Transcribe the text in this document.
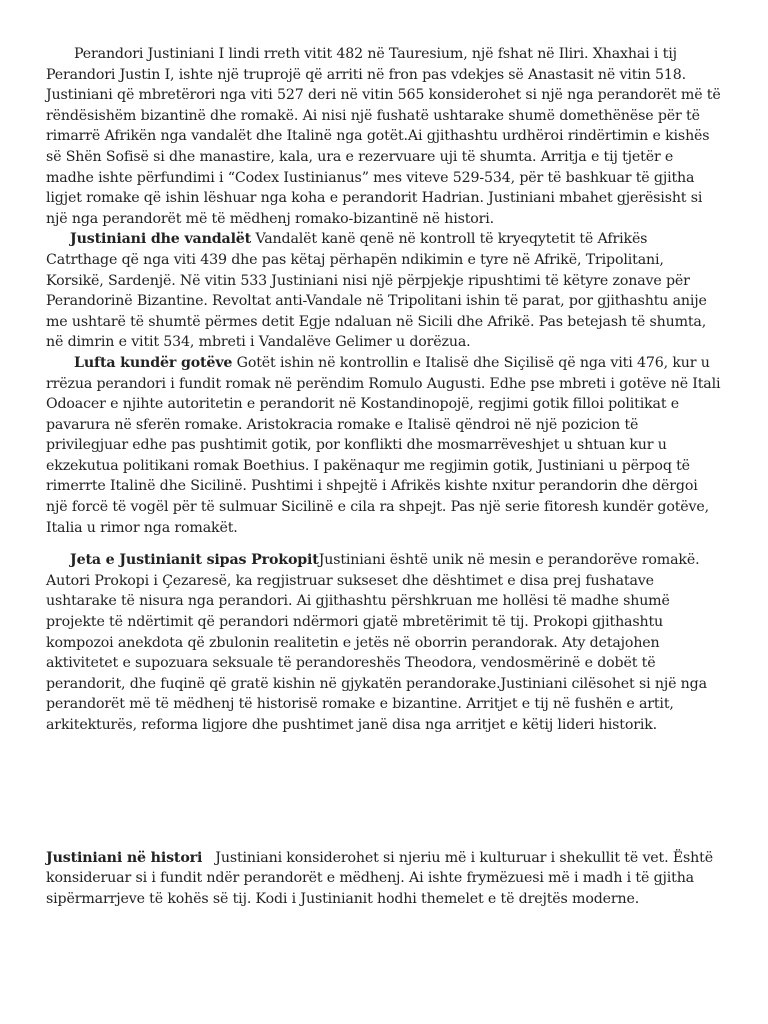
Perandori Justiniani I lindi rreth vitit 482 në Tauresium, një fshat në Iliri. Xhaxhai i tij Perandori Justin I, ishte një truprojë që arriti në fron pas vdekjes së Anastasit në vitin 518. Justiniani që mbretërori nga viti 527 deri në vitin 565 konsiderohet si një nga perandorët më të rëndësishëm bizantinë dhe romakë. Ai nisi një fushatë ushtarake shumë domethënëse për të rimarrë Afrikën nga vandalët dhe Italinë nga gotët.Ai gjithashtu urdhëroi rindërtimin e kishës së Shën Sofisë si dhe manastire, kala, ura e rezervuare uji të shumta. Arritja e tij tjetër e madhe ishte përfundimi i “Codex Iustinianus” mes viteve 529-534, për të bashkuar të gjitha ligjet romake që ishin lëshuar nga koha e perandorit Hadrian. Justiniani mbahet gjerësisht si një nga perandorët më të mëdhenj romako-bizantinë në histori.

Justiniani dhe vandalët Vandalët kanë qenë në kontroll të kryeqytetit të Afrikës Catrthage që nga viti 439 dhe pas këtaj përhapën ndikimin e tyre në Afrikë, Tripolitani, Korsikë, Sardenjë. Në vitin 533 Justiniani nisi një përpjekje ripushtimi të këtyre zonave për Perandorinë Bizantine. Revoltat anti-Vandale në Tripolitani ishin të parat, por gjithashtu anije me ushtarë të shumtë përmes detit Egje ndaluan në Sicili dhe Afrikë. Pas betejash të shumta, në dimrin e vitit 534, mbreti i Vandalëve Gelimer u dorëzua.

Lufta kundër gotëve Gotët ishin në kontrollin e Italisë dhe Siçilisë që nga viti 476, kur u rrëzua perandori i fundit romak në perëndim Romulo Augusti. Edhe pse mbreti i gotëve në Itali Odoacer e njihte autoritetin e perandorit në Kostandinopojë, regjimi gotik filloi politikat e pavarura në sferën romake. Aristokracia romake e Italisë qëndroi në një pozicion të privilegjuar edhe pas pushtimit gotik, por konflikti dhe mosmarrëveshjet u shtuan kur u ekzekutua politikani romak Boethius. I pakënaqur me regjimin gotik, Justiniani u përpoq të rimerrte Italinë dhe Sicilinë. Pushtimi i shpejtë i Afrikës kishte nxitur perandorin dhe dërgoi një forcë të vogël për të sulmuar Sicilinë e cila ra shpejt. Pas një serie fitoresh kundër gotëve, Italia u rimor nga romakët.

Jeta e Justinianit sipas ProkopitJustiniani është unik në mesin e perandorëve romakë. Autori Prokopi i Çezaresë, ka regjistruar sukseset dhe dështimet e disa prej fushatave ushtarake të nisura nga perandori. Ai gjithashtu përshkruan me hollësi të madhe shumë projekte të ndërtimit që perandori ndërmori gjatë mbretërimit të tij. Prokopi gjithashtu kompozoi anekdota që zbulonin realitetin e jetës në oborrin perandorak. Aty detajohen aktivitetet e supozuara seksuale të perandoreshës Theodora, vendosmërinë e dobët të perandorit, dhe fuqinë që gratë kishin në gjykatën perandorake.Justiniani cilësohet si një nga perandorët më të mëdhenj të historisë romake e bizantine. Arritjet e tij në fushën e artit, arkitekturës, reforma ligjore dhe pushtimet janë disa nga arritjet e këtij lideri historik.

Justiniani në histori   Justiniani konsiderohet si njeriu më i kulturuar i shekullit të vet. Është konsideruar si i fundit ndër perandorët e mëdhenj. Ai ishte frymëzuesi më i madh i të gjitha sipërmarrjeve të kohës së tij. Kodi i Justinianit hodhi themelet e të drejtës moderne.
